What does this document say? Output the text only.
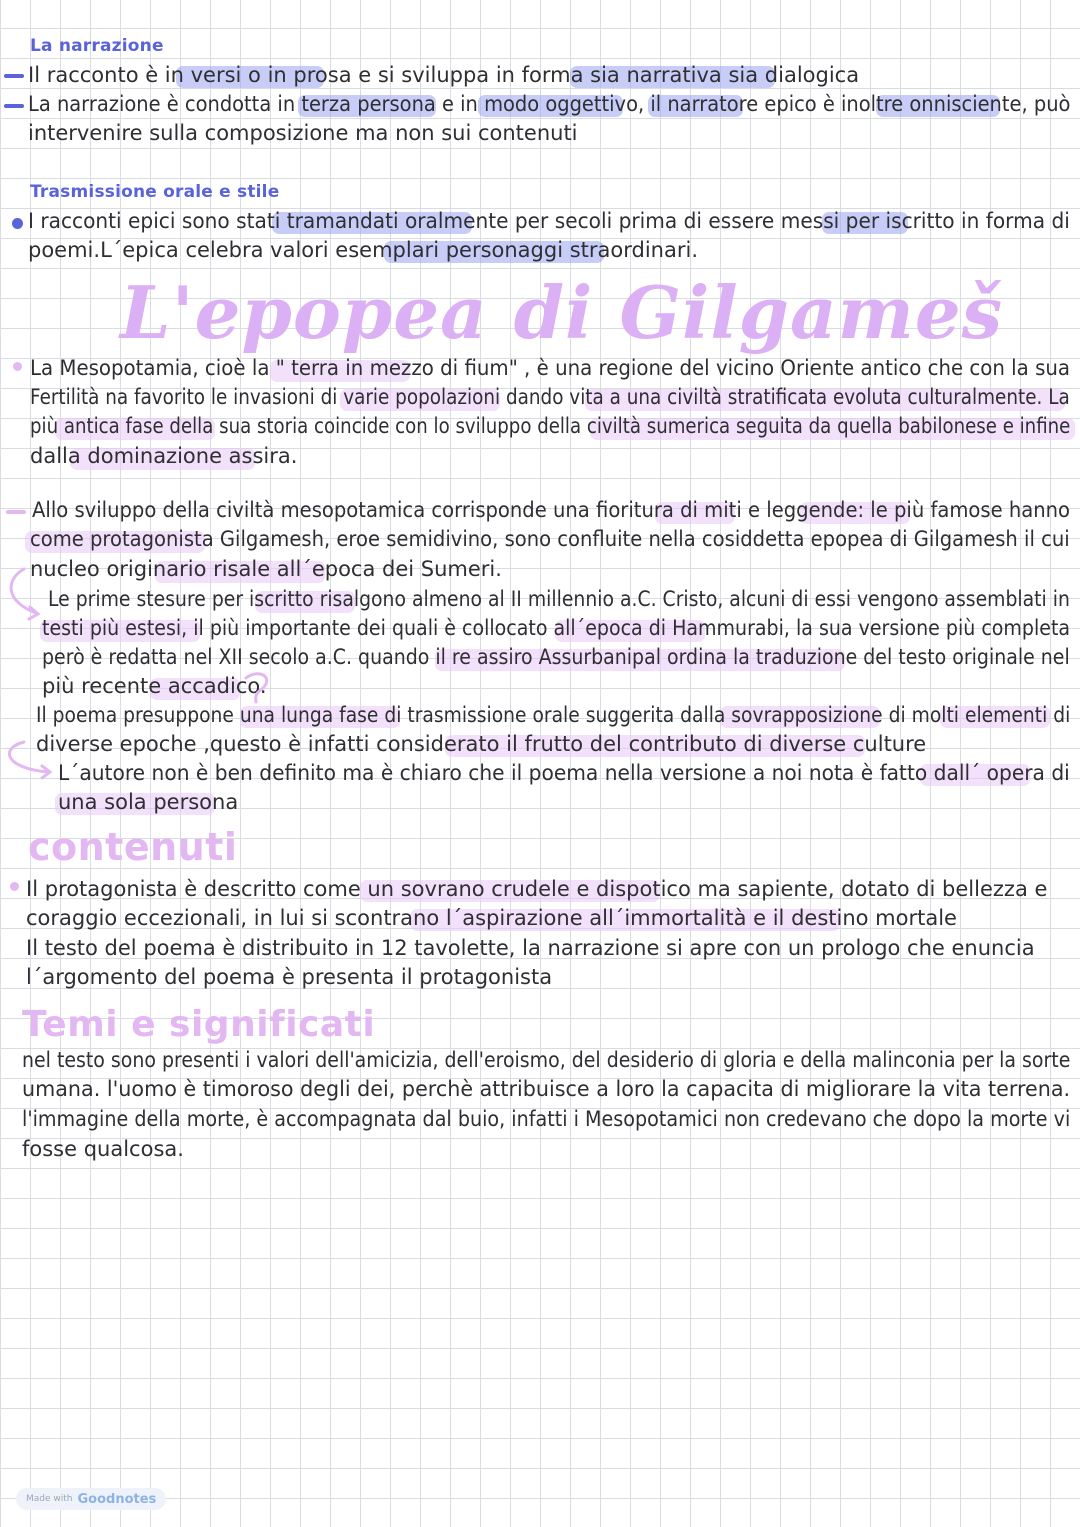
La narrazione
Il racconto è in versi o in prosa e si sviluppa in forma sia narrativa sia dialogica
La narrazione è condotta in terza persona e in modo oggettivo, il narratore epico è inoltre onnisciente, può
intervenire sulla composizione ma non sui contenuti
Trasmissione orale e stile
I racconti epici sono stati tramandati oralmente per secoli prima di essere messi per iscritto in forma di
poemi.L´epica celebra valori esemplari personaggi straordinari.
L'epopea di Gilgameš
La Mesopotamia, cioè la " terra in mezzo di fium" , è una regione del vicino Oriente antico che con la sua
Fertilità na favorito le invasioni di varie popolazioni dando vita a una civiltà stratificata evoluta culturalmente. La
più antica fase della sua storia coincide con lo sviluppo della civiltà sumerica seguita da quella babilonese e infine
dalla dominazione assira.
Allo sviluppo della civiltà mesopotamica corrisponde una fioritura di miti e leggende: le più famose hanno
come protagonista Gilgamesh, eroe semidivino, sono confluite nella cosiddetta epopea di Gilgamesh il cui
nucleo originario risale all´epoca dei Sumeri.
Le prime stesure per iscritto risalgono almeno al II millennio a.C. Cristo, alcuni di essi vengono assemblati in
testi più estesi, il più importante dei quali è collocato all´epoca di Hammurabi, la sua versione più completa
però è redatta nel XII secolo a.C. quando il re assiro Assurbanipal ordina la traduzione del testo originale nel
più recente accadico.
Il poema presuppone una lunga fase di trasmissione orale suggerita dalla sovrapposizione di molti elementi di
diverse epoche ,questo è infatti considerato il frutto del contributo di diverse culture
L´autore non è ben definito ma è chiaro che il poema nella versione a noi nota è fatto dall´ opera di
una sola persona
contenuti
Il protagonista è descritto come un sovrano crudele e dispotico ma sapiente, dotato di bellezza e
coraggio eccezionali, in lui si scontrano l´aspirazione all´immortalità e il destino mortale
Il testo del poema è distribuito in 12 tavolette, la narrazione si apre con un prologo che enuncia
l´argomento del poema è presenta il protagonista
Temi e significati
nel testo sono presenti i valori dell'amicizia, dell'eroismo, del desiderio di gloria e della malinconia per la sorte
umana. l'uomo è timoroso degli dei, perchè attribuisce a loro la capacita di migliorare la vita terrena.
l'immagine della morte, è accompagnata dal buio, infatti i Mesopotamici non credevano che dopo la morte vi
fosse qualcosa.
Made with Goodnotes
